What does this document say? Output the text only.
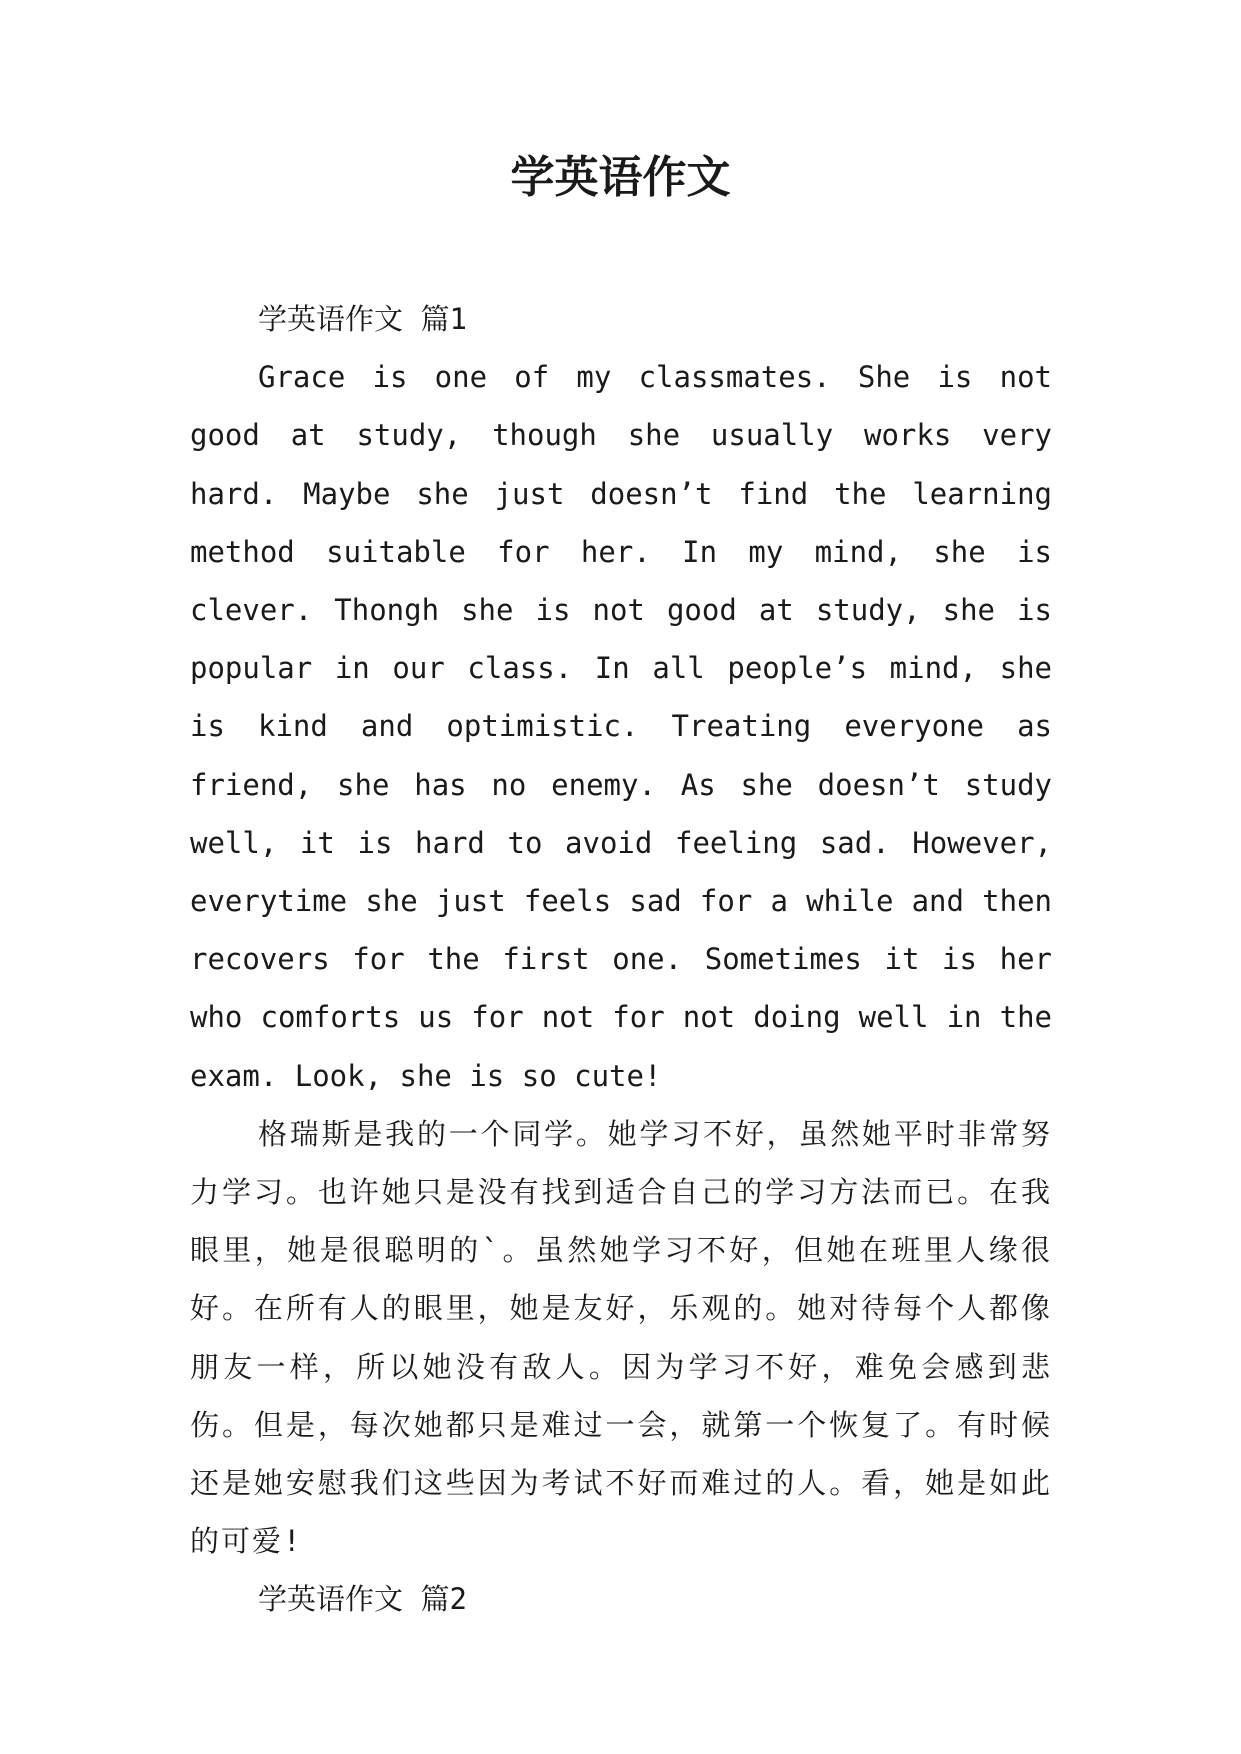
学英语作文
学英语作文 篇1

Grace is one of my classmates. She is not good at study, though she usually works very hard. Maybe she just doesn’t find the learning method suitable for her. In my mind, she is clever. Thongh she is not good at study, she is popular in our class. In all people’s mind, she is kind and optimistic. Treating everyone as friend, she has no enemy. As she doesn’t study well, it is hard to avoid feeling sad. However, everytime she just feels sad for a while and then recovers for the first one. Sometimes it is her who comforts us for not for not doing well in the exam. Look, she is so cute!

格瑞斯是我的一个同学。她学习不好，虽然她平时非常努力学习。也许她只是没有找到适合自己的学习方法而已。在我眼里，她是很聪明的`。虽然她学习不好，但她在班里人缘很好。在所有人的眼里，她是友好，乐观的。她对待每个人都像朋友一样，所以她没有敌人。因为学习不好，难免会感到悲伤。但是，每次她都只是难过一会，就第一个恢复了。有时候还是她安慰我们这些因为考试不好而难过的人。看，她是如此的可爱!

学英语作文 篇2
